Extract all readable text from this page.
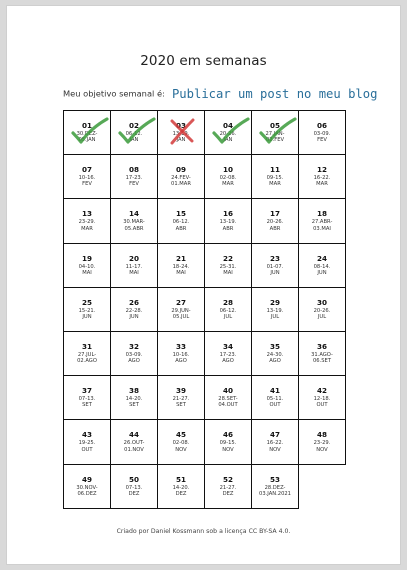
2020 em semanas
Meu objetivo semanal é: Publicar um post no meu blog
01
30.DEZ-
05.JAN
02
06-12.
JAN
03
13-19.
JAN
04
20-26.
JAN
05
27.JAN-
02.FEV
06
03-09.
FEV
07
10-16.
FEV
08
17-23.
FEV
09
24.FEV-
01.MAR
10
02-08.
MAR
11
09-15.
MAR
12
16-22.
MAR
13
23-29.
MAR
14
30.MAR-
05.ABR
15
06-12.
ABR
16
13-19.
ABR
17
20-26.
ABR
18
27.ABR-
03.MAI
19
04-10.
MAI
20
11-17.
MAI
21
18-24.
MAI
22
25-31.
MAI
23
01-07.
JUN
24
08-14.
JUN
25
15-21.
JUN
26
22-28.
JUN
27
29.JUN-
05.JUL
28
06-12.
JUL
29
13-19.
JUL
30
20-26.
JUL
31
27.JUL-
02.AGO
32
03-09.
AGO
33
10-16.
AGO
34
17-23.
AGO
35
24-30.
AGO
36
31.AGO-
06.SET
37
07-13.
SET
38
14-20.
SET
39
21-27.
SET
40
28.SET-
04.OUT
41
05-11.
OUT
42
12-18.
OUT
43
19-25.
OUT
44
26.OUT-
01.NOV
45
02-08.
NOV
46
09-15.
NOV
47
16-22.
NOV
48
23-29.
NOV
49
30.NOV-
06.DEZ
50
07-13.
DEZ
51
14-20.
DEZ
52
21-27.
DEZ
53
28.DEZ-
03.JAN.2021
Criado por Daniel Kossmann sob a licença CC BY-SA 4.0.
